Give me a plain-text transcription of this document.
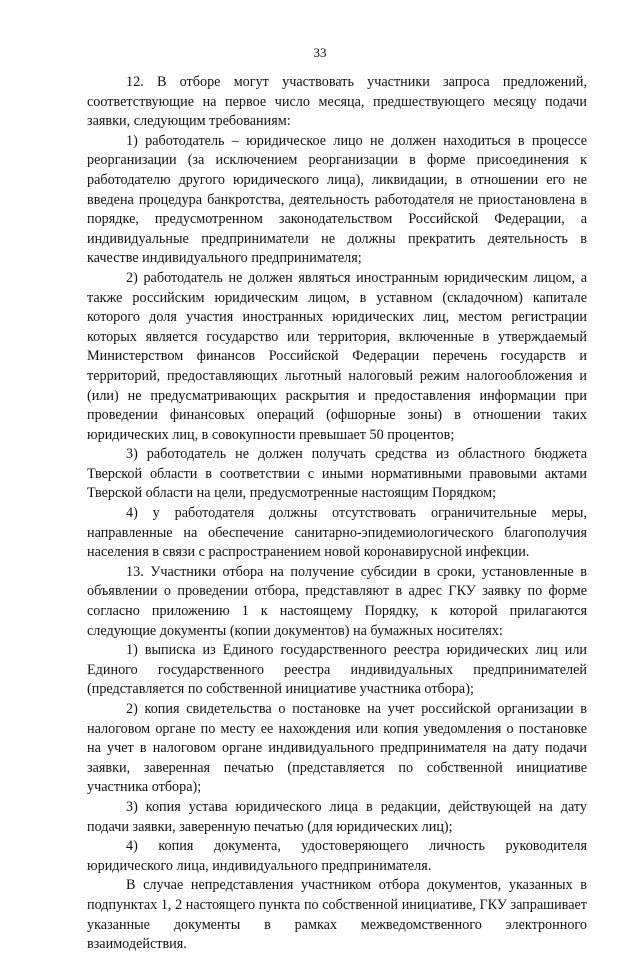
33

12. В отборе могут участвовать участники запроса предложений, соответствующие на первое число месяца, предшествующего месяцу подачи заявки, следующим требованиям:

1) работодатель – юридическое лицо не должен находиться в процессе реорганизации (за исключением реорганизации в форме присоединения к работодателю другого юридического лица), ликвидации, в отношении его не введена процедура банкротства, деятельность работодателя не приостановлена в порядке, предусмотренном законодательством Российской Федерации, а индивидуальные предприниматели не должны прекратить деятельность в качестве индивидуального предпринимателя;

2) работодатель не должен являться иностранным юридическим лицом, а также российским юридическим лицом, в уставном (складочном) капитале которого доля участия иностранных юридических лиц, местом регистрации которых является государство или территория, включенные в утверждаемый Министерством финансов Российской Федерации перечень государств и территорий, предоставляющих льготный налоговый режим налогообложения и (или) не предусматривающих раскрытия и предоставления информации при проведении финансовых операций (офшорные зоны) в отношении таких юридических лиц, в совокупности превышает 50 процентов;

3) работодатель не должен получать средства из областного бюджета Тверской области в соответствии с иными нормативными правовыми актами Тверской области на цели, предусмотренные настоящим Порядком;

4) у работодателя должны отсутствовать ограничительные меры, направленные на обеспечение санитарно-эпидемиологического благополучия населения в связи с распространением новой коронавирусной инфекции.

13. Участники отбора на получение субсидии в сроки, установленные в объявлении о проведении отбора, представляют в адрес ГКУ заявку по форме согласно приложению 1 к настоящему Порядку, к которой прилагаются следующие документы (копии документов) на бумажных носителях:

1) выписка из Единого государственного реестра юридических лиц или Единого государственного реестра индивидуальных предпринимателей (представляется по собственной инициативе участника отбора);

2) копия свидетельства о постановке на учет российской организации в налоговом органе по месту ее нахождения или копия уведомления о постановке на учет в налоговом органе индивидуального предпринимателя на дату подачи заявки, заверенная печатью (представляется по собственной инициативе участника отбора);

3) копия устава юридического лица в редакции, действующей на дату подачи заявки, заверенную печатью (для юридических лиц);

4) копия документа, удостоверяющего личность руководителя юридического лица, индивидуального предпринимателя.

В случае непредставления участником отбора документов, указанных в подпунктах 1, 2 настоящего пункта по собственной инициативе, ГКУ запрашивает указанные документы в рамках межведомственного электронного взаимодействия.
